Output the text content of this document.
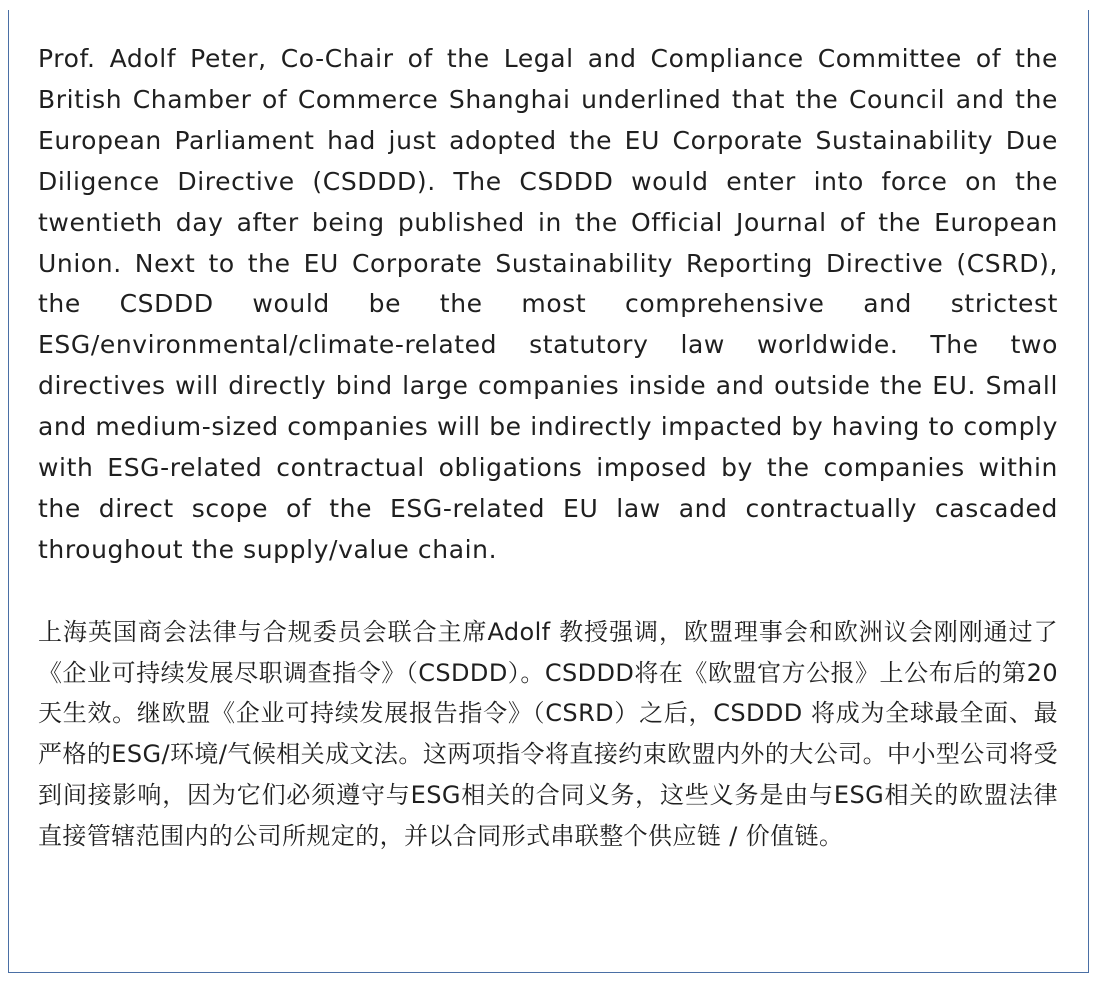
Prof. Adolf Peter, Co-Chair of the Legal and Compliance Committee of the British Chamber of Commerce Shanghai underlined that the Council and the European Parliament had just adopted the EU Corporate Sustainability Due Diligence Directive (CSDDD). The CSDDD would enter into force on the twentieth day after being published in the Official Journal of the European Union. Next to the EU Corporate Sustainability Reporting Directive (CSRD), the CSDDD would be the most comprehensive and strictest ESG/environmental/climate-related statutory law worldwide. The two directives will directly bind large companies inside and outside the EU. Small and medium-sized companies will be indirectly impacted by having to comply with ESG-related contractual obligations imposed by the companies within the direct scope of the ESG-related EU law and contractually cascaded throughout the supply/value chain.

上海英国商会法律与合规委员会联合主席Adolf 教授强调，欧盟理事会和欧洲议会刚刚通过了《企业可持续发展尽职调查指令》（CSDDD）。CSDDD将在《欧盟官方公报》上公布后的第20天生效。继欧盟《企业可持续发展报告指令》（CSRD）之后，CSDDD 将成为全球最全面、最严格的ESG/环境/气候相关成文法。这两项指令将直接约束欧盟内外的大公司。中小型公司将受到间接影响，因为它们必须遵守与ESG相关的合同义务，这些义务是由与ESG相关的欧盟法律直接管辖范围内的公司所规定的，并以合同形式串联整个供应链 / 价值链。
